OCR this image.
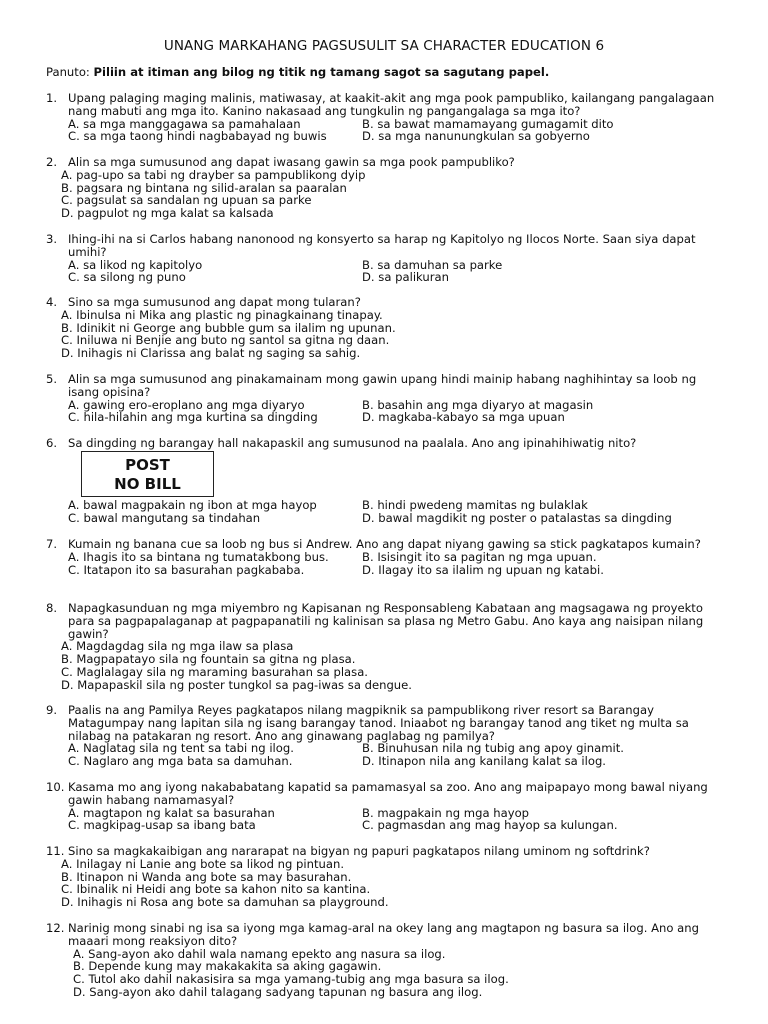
UNANG MARKAHANG PAGSUSULIT SA CHARACTER EDUCATION 6
Panuto: Piliin at itiman ang bilog ng titik ng tamang sagot sa sagutang papel.
1. Upang palaging maging malinis, matiwasay, at kaakit-akit ang mga pook pampubliko, kailangang pangalagaan nang mabuti ang mga ito. Kanino nakasaad ang tungkulin ng pangangalaga sa mga ito?
A. sa mga manggagawa sa pamahalaan	B. sa bawat mamamayang gumagamit dito
C. sa mga taong hindi nagbabayad ng buwis	D. sa mga nanunungkulan sa gobyerno
2. Alin sa mga sumusunod ang dapat iwasang gawin sa mga pook pampubliko?
A. pag-upo sa tabi ng drayber sa pampublikong dyip
B. pagsara ng bintana ng silid-aralan sa paaralan
C. pagsulat sa sandalan ng upuan sa parke
D. pagpulot ng mga kalat sa kalsada
3. Ihing-ihi na si Carlos habang nanonood ng konsyerto sa harap ng Kapitolyo ng Ilocos Norte. Saan siya dapat umihi?
A. sa likod ng kapitolyo	B. sa damuhan sa parke
C. sa silong ng puno	D. sa palikuran
4. Sino sa mga sumusunod ang dapat mong tularan?
A. Ibinulsa ni Mika ang plastic ng pinagkainang tinapay.
B. Idinikit ni George ang bubble gum sa ilalim ng upunan.
C. Iniluwa ni Benjie ang buto ng santol sa gitna ng daan.
D. Inihagis ni Clarissa ang balat ng saging sa sahig.
5. Alin sa mga sumusunod ang pinakamainam mong gawin upang hindi mainip habang naghihintay sa loob ng isang opisina?
A. gawing ero-eroplano ang mga diyaryo	B. basahin ang mga diyaryo at magasin
C. hila-hilahin ang mga kurtina sa dingding	D. magkaba-kabayo sa mga upuan
6. Sa dingding ng barangay hall nakapaskil ang sumusunod na paalala. Ano ang ipinahihiwatig nito?
POST
NO BILL
A. bawal magpakain ng ibon at mga hayop	B. hindi pwedeng mamitas ng bulaklak
C. bawal mangutang sa tindahan	D. bawal magdikit ng poster o patalastas sa dingding
7. Kumain ng banana cue sa loob ng bus si Andrew. Ano ang dapat niyang gawing sa stick pagkatapos kumain?
A. Ihagis ito sa bintana ng tumatakbong bus.	B. Isisingit ito sa pagitan ng mga upuan.
C. Itatapon ito sa basurahan pagkababa.	D. Ilagay ito sa ilalim ng upuan ng katabi.
8. Napagkasunduan ng mga miyembro ng Kapisanan ng Responsableng Kabataan ang magsagawa ng proyekto para sa pagpapalaganap at pagpapanatili ng kalinisan sa plasa ng Metro Gabu. Ano kaya ang naisipan nilang gawin?
A. Magdagdag sila ng mga ilaw sa plasa
B. Magpapatayo sila ng fountain sa gitna ng plasa.
C. Maglalagay sila ng maraming basurahan sa plasa.
D. Mapapaskil sila ng poster tungkol sa pag-iwas sa dengue.
9. Paalis na ang Pamilya Reyes pagkatapos nilang magpiknik sa pampublikong river resort sa Barangay Matagumpay nang lapitan sila ng isang barangay tanod. Iniaabot ng barangay tanod ang tiket ng multa sa nilabag na patakaran ng resort. Ano ang ginawang paglabag ng pamilya?
A. Naglatag sila ng tent sa tabi ng ilog.	B. Binuhusan nila ng tubig ang apoy ginamit.
C. Naglaro ang mga bata sa damuhan.	D. Itinapon nila ang kanilang kalat sa ilog.
10. Kasama mo ang iyong nakababatang kapatid sa pamamasyal sa zoo. Ano ang maipapayo mong bawal niyang gawin habang namamasyal?
A. magtapon ng kalat sa basurahan	B. magpakain ng mga hayop
C. magkipag-usap sa ibang bata	C. pagmasdan ang mag hayop sa kulungan.
11. Sino sa magkakaibigan ang nararapat na bigyan ng papuri pagkatapos nilang uminom ng softdrink?
A. Inilagay ni Lanie ang bote sa likod ng pintuan.
B. Itinapon ni Wanda ang bote sa may basurahan.
C. Ibinalik ni Heidi ang bote sa kahon nito sa kantina.
D. Inihagis ni Rosa ang bote sa damuhan sa playground.
12. Narinig mong sinabi ng isa sa iyong mga kamag-aral na okey lang ang magtapon ng basura sa ilog. Ano ang maaari mong reaksiyon dito?
A. Sang-ayon ako dahil wala namang epekto ang nasura sa ilog.
B. Depende kung may makakakita sa aking gagawin.
C. Tutol ako dahil nakasisira sa mga yamang-tubig ang mga basura sa ilog.
D. Sang-ayon ako dahil talagang sadyang tapunan ng basura ang ilog.
